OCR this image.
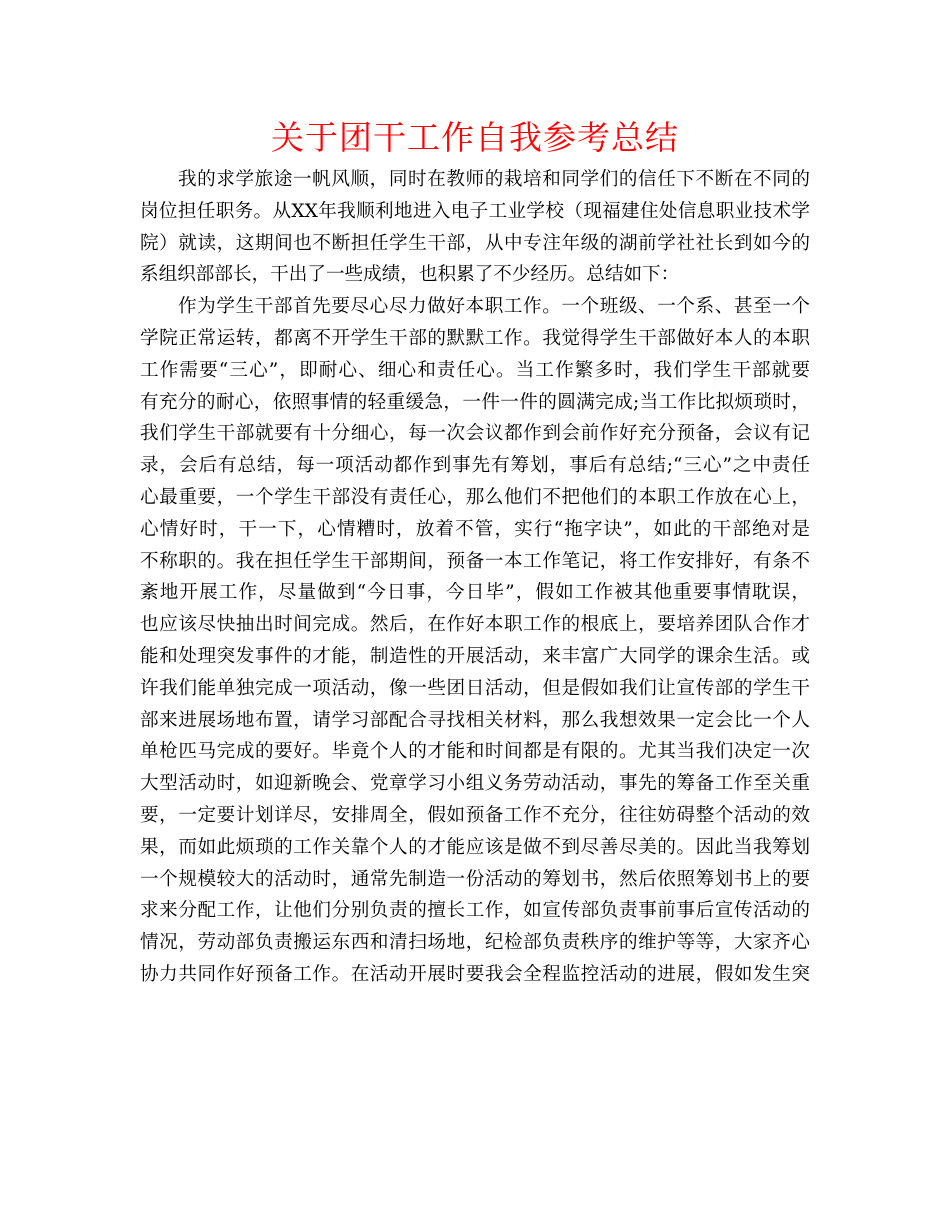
关于团干工作自我参考总结
我的求学旅途一帆风顺，同时在教师的栽培和同学们的信任下不断在不同的
岗位担任职务。从XX年我顺利地进入电子工业学校（现福建住处信息职业技术学
院）就读，这期间也不断担任学生干部，从中专注年级的湖前学社社长到如今的
系组织部部长，干出了一些成绩，也积累了不少经历。总结如下：
作为学生干部首先要尽心尽力做好本职工作。一个班级、一个系、甚至一个
学院正常运转，都离不开学生干部的默默工作。我觉得学生干部做好本人的本职
工作需要“三心”，即耐心、细心和责任心。当工作繁多时，我们学生干部就要
有充分的耐心，依照事情的轻重缓急，一件一件的圆满完成;当工作比拟烦琐时，
我们学生干部就要有十分细心，每一次会议都作到会前作好充分预备，会议有记
录，会后有总结，每一项活动都作到事先有筹划，事后有总结;“三心”之中责任
心最重要，一个学生干部没有责任心，那么他们不把他们的本职工作放在心上，
心情好时，干一下，心情糟时，放着不管，实行“拖字诀”，如此的干部绝对是
不称职的。我在担任学生干部期间，预备一本工作笔记，将工作安排好，有条不
紊地开展工作，尽量做到“今日事，今日毕”，假如工作被其他重要事情耽误，
也应该尽快抽出时间完成。然后，在作好本职工作的根底上，要培养团队合作才
能和处理突发事件的才能，制造性的开展活动，来丰富广大同学的课余生活。或
许我们能单独完成一项活动，像一些团日活动，但是假如我们让宣传部的学生干
部来进展场地布置，请学习部配合寻找相关材料，那么我想效果一定会比一个人
单枪匹马完成的要好。毕竟个人的才能和时间都是有限的。尤其当我们决定一次
大型活动时，如迎新晚会、党章学习小组义务劳动活动，事先的筹备工作至关重
要，一定要计划详尽，安排周全，假如预备工作不充分，往往妨碍整个活动的效
果，而如此烦琐的工作关靠个人的才能应该是做不到尽善尽美的。因此当我筹划
一个规模较大的活动时，通常先制造一份活动的筹划书，然后依照筹划书上的要
求来分配工作，让他们分别负责的擅长工作，如宣传部负责事前事后宣传活动的
情况，劳动部负责搬运东西和清扫场地，纪检部负责秩序的维护等等，大家齐心
协力共同作好预备工作。在活动开展时要我会全程监控活动的进展，假如发生突
